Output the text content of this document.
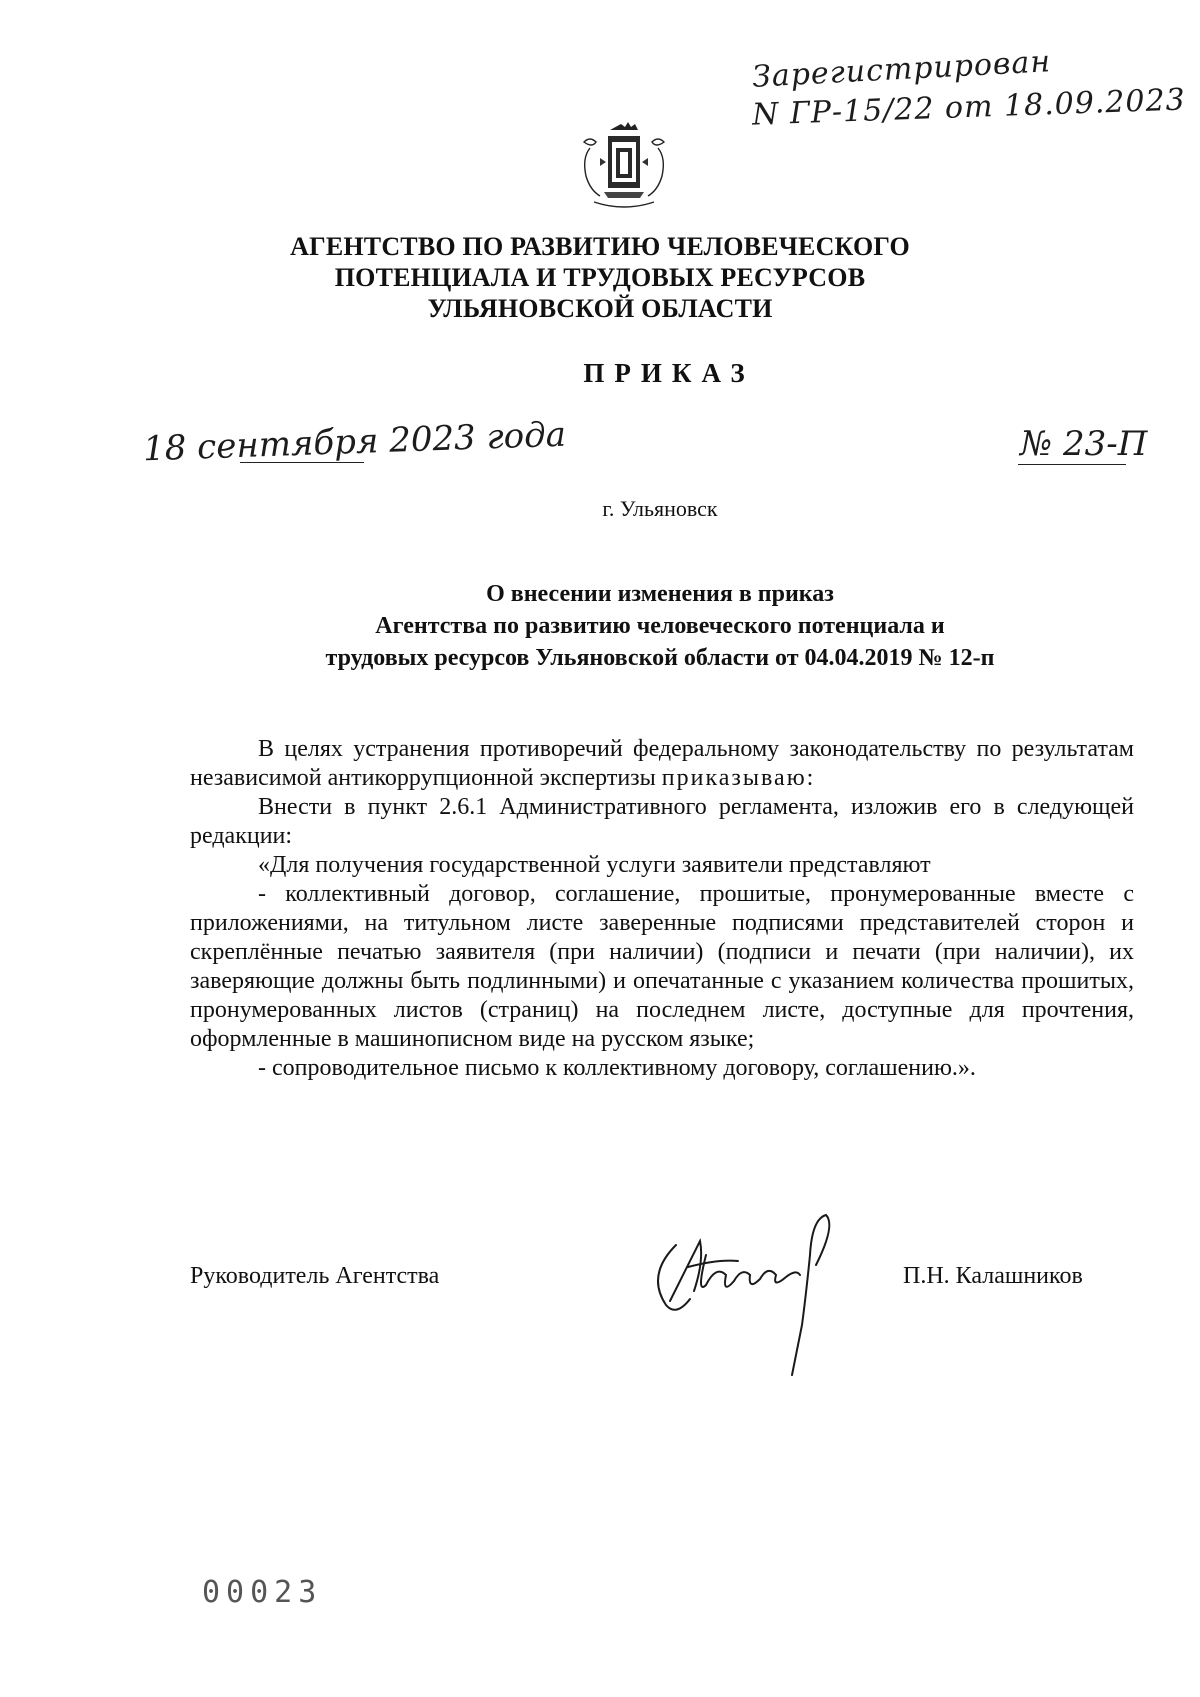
Зарегистрирован
N ГР-15/22 от 18.09.2023
АГЕНТСТВО ПО РАЗВИТИЮ ЧЕЛОВЕЧЕСКОГО
ПОТЕНЦИАЛА И ТРУДОВЫХ РЕСУРСОВ
УЛЬЯНОВСКОЙ ОБЛАСТИ
ПРИКАЗ
18 сентября 2023 года	№ 23-П
г. Ульяновск
О внесении изменения в приказ
Агентства по развитию человеческого потенциала и
трудовых ресурсов Ульяновской области от 04.04.2019 № 12-п

В целях устранения противоречий федеральному законодательству по результатам независимой антикоррупционной экспертизы приказываю:

Внести в пункт 2.6.1 Административного регламента, изложив его в следующей редакции:

«Для получения государственной услуги заявители представляют

- коллективный договор, соглашение, прошитые, пронумерованные вместе с приложениями, на титульном листе заверенные подписями представителей сторон и скреплённые печатью заявителя (при наличии) (подписи и печати (при наличии), их заверяющие должны быть подлинными) и опечатанные с указанием количества прошитых, пронумерованных листов (страниц) на последнем листе, доступные для прочтения, оформленные в машинописном виде на русском языке;

- сопроводительное письмо к коллективному договору, соглашению.».

Руководитель Агентства	П.Н. Калашников
00023
